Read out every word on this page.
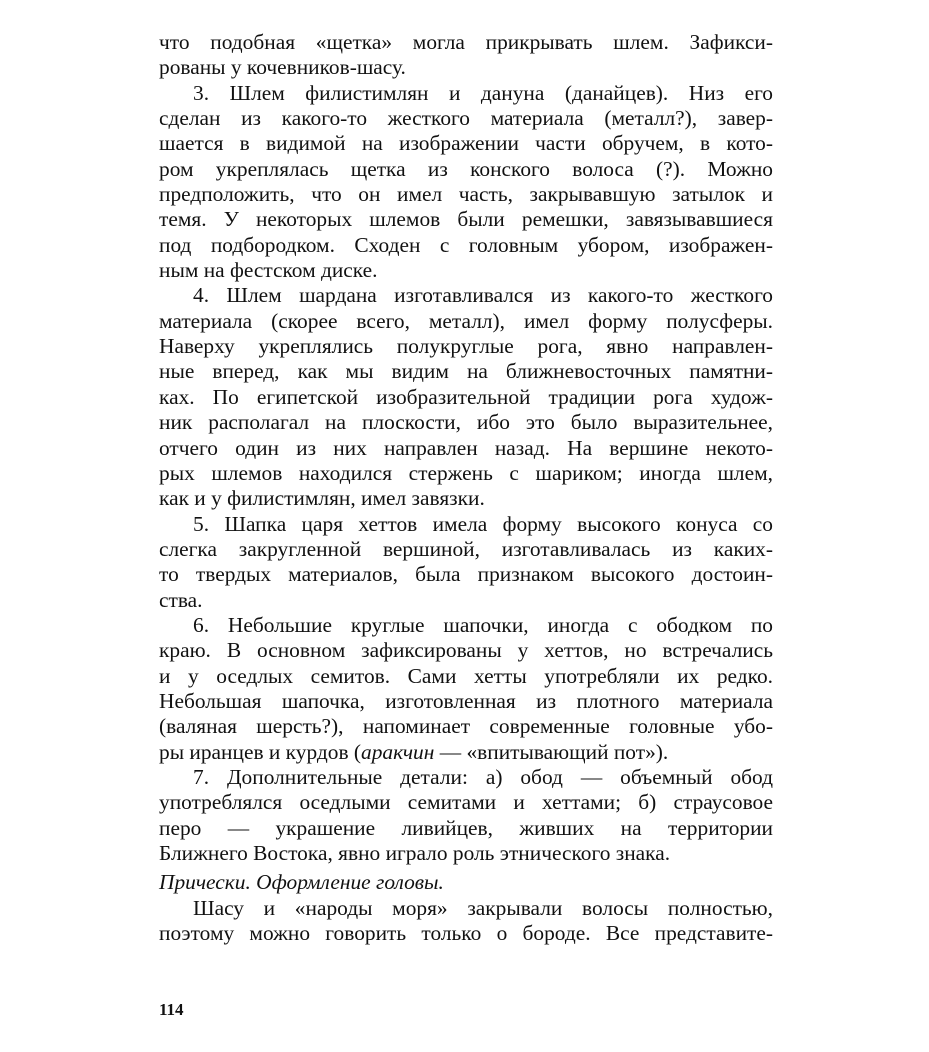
что подобная «щетка» могла прикрывать шлем. Зафикси-
рованы у кочевников-шасу.

3. Шлем филистимлян и дануна (данайцев). Низ его
сделан из какого-то жесткого материала (металл?), завер-
шается в видимой на изображении части обручем, в кото-
ром укреплялась щетка из конского волоса (?). Можно
предположить, что он имел часть, закрывавшую затылок и
темя. У некоторых шлемов были ремешки, завязывавшиеся
под подбородком. Сходен с головным убором, изображен-
ным на фестском диске.

4. Шлем шардана изготавливался из какого-то жесткого
материала (скорее всего, металл), имел форму полусферы.
Наверху укреплялись полукруглые рога, явно направлен-
ные вперед, как мы видим на ближневосточных памятни-
ках. По египетской изобразительной традиции рога худож-
ник располагал на плоскости, ибо это было выразительнее,
отчего один из них направлен назад. На вершине некото-
рых шлемов находился стержень с шариком; иногда шлем,
как и у филистимлян, имел завязки.

5. Шапка царя хеттов имела форму высокого конуса со
слегка закругленной вершиной, изготавливалась из каких-
то твердых материалов, была признаком высокого достоин-
ства.

6. Небольшие круглые шапочки, иногда с ободком по
краю. В основном зафиксированы у хеттов, но встречались
и у оседлых семитов. Сами хетты употребляли их редко.
Небольшая шапочка, изготовленная из плотного материала
(валяная шерсть?), напоминает современные головные убо-
ры иранцев и курдов (аракчин — «впитывающий пот»).

7. Дополнительные детали: а) обод — объемный обод
употреблялся оседлыми семитами и хеттами; б) страусовое
перо — украшение ливийцев, живших на территории
Ближнего Востока, явно играло роль этнического знака.

Прически. Оформление головы.

Шасу и «народы моря» закрывали волосы полностью,
поэтому можно говорить только о бороде. Все представите-

114
